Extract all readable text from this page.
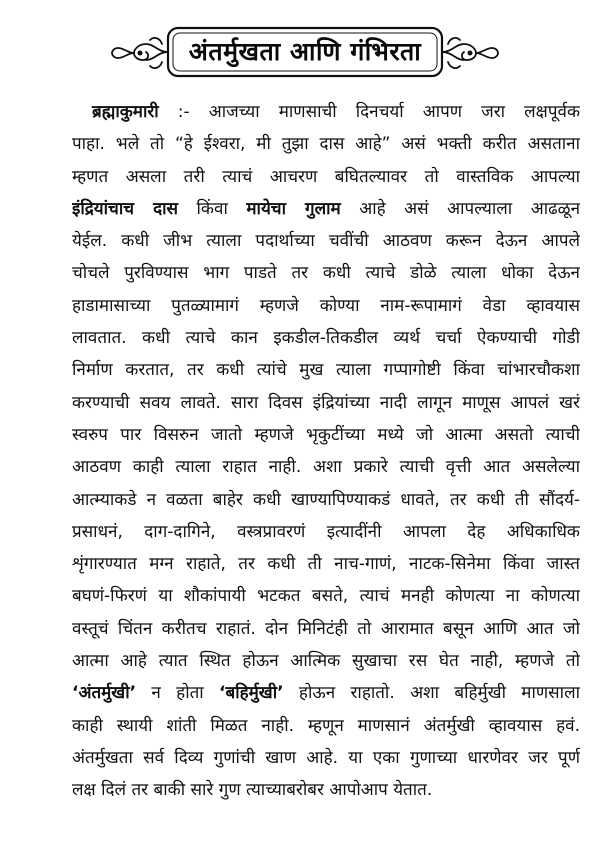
अंतर्मुखता आणि गंभिरता
ब्रह्माकुमारी :- आजच्या माणसाची दिनचर्या आपण जरा लक्षपूर्वक
पाहा. भले तो “हे ईश्वरा, मी तुझा दास आहे” असं भक्ती करीत असताना
म्हणत असला तरी त्याचं आचरण बघितल्यावर तो वास्तविक आपल्या
इंद्रियांचाच दास किंवा मायेचा गुलाम आहे असं आपल्याला आढळून
येईल. कधी जीभ त्याला पदार्थाच्या चवींची आठवण करून देऊन आपले
चोचले पुरविण्यास भाग पाडते तर कधी त्याचे डोळे त्याला धोका देऊन
हाडामासाच्या पुतळ्यामागं म्हणजे कोण्या नाम-रूपामागं वेडा व्हावयास
लावतात. कधी त्याचे कान इकडील-तिकडील व्यर्थ चर्चा ऐकण्याची गोडी
निर्माण करतात, तर कधी त्यांचे मुख त्याला गप्पागोष्टी किंवा चांभारचौकशा
करण्याची सवय लावते. सारा दिवस इंद्रियांच्या नादी लागून माणूस आपलं खरं
स्वरुप पार विसरुन जातो म्हणजे भृकुटींच्या मध्ये जो आत्मा असतो त्याची
आठवण काही त्याला राहात नाही. अशा प्रकारे त्याची वृत्ती आत असलेल्या
आत्म्याकडे न वळता बाहेर कधी खाण्यापिण्याकडं धावते, तर कधी ती सौंदर्य-
प्रसाधनं, दाग-दागिने, वस्त्रप्रावरणं इत्यादींनी आपला देह अधिकाधिक
शृंगारण्यात मग्न राहाते, तर कधी ती नाच-गाणं, नाटक-सिनेमा किंवा जास्त
बघणं-फिरणं या शौकांपायी भटकत बसते, त्याचं मनही कोणत्या ना कोणत्या
वस्तूचं चिंतन करीतच राहातं. दोन मिनिटंही तो आरामात बसून आणि आत जो
आत्मा आहे त्यात स्थित होऊन आत्मिक सुखाचा रस घेत नाही, म्हणजे तो
‘अंतर्मुखी’ न होता ‘बहिर्मुखी’ होऊन राहातो. अशा बहिर्मुखी माणसाला
काही स्थायी शांती मिळत नाही. म्हणून माणसानं अंतर्मुखी व्हावयास हवं.
अंतर्मुखता सर्व दिव्य गुणांची खाण आहे. या एका गुणाच्या धारणेवर जर पूर्ण
लक्ष दिलं तर बाकी सारे गुण त्याच्याबरोबर आपोआप येतात.
